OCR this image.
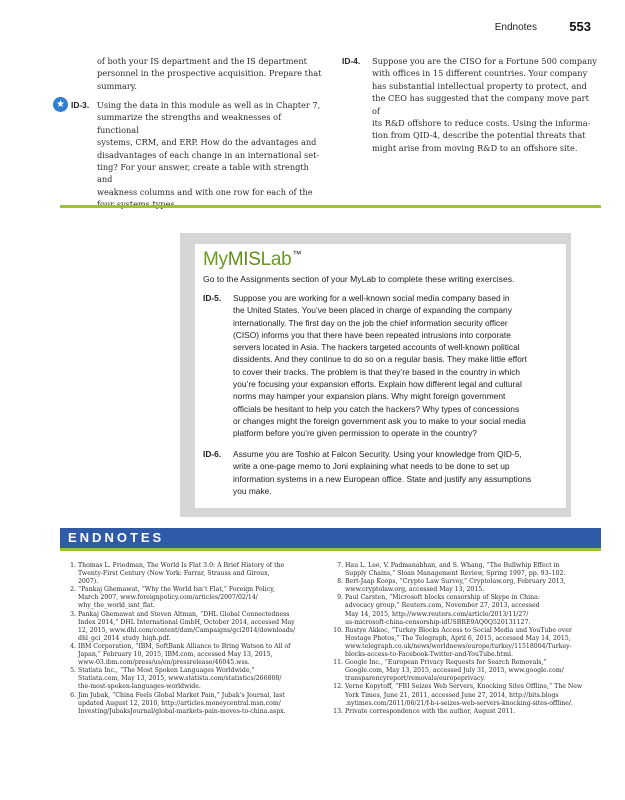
Endnotes 553
of both your IS department and the IS department
personnel in the prospective acquisition. Prepare that
summary.
★ ID-3. Using the data in this module as well as in Chapter 7,
summarize the strengths and weaknesses of functional
systems, CRM, and ERP. How do the advantages and
disadvantages of each change in an international set-
ting? For your answer, create a table with strength and
weakness columns and with one row for each of the
ID-4. Suppose you are the CISO for a Fortune 500 company
with offices in 15 different countries. Your company
has substantial intellectual property to protect, and
the CEO has suggested that the company move part of
its R&D offshore to reduce costs. Using the informa-
tion from QID-4, describe the potential threats that
might arise from moving R&D to an offshore site.
MyMISLab™
Go to the Assignments section of your MyLab to complete these writing exercises.
ID-5. Suppose you are working for a well-known social media company based in
the United States. You’ve been placed in charge of expanding the company
internationally. The first day on the job the chief information security officer
(CISO) informs you that there have been repeated intrusions into corporate
servers located in Asia. The hackers targeted accounts of well-known political
dissidents. And they continue to do so on a regular basis. They make little effort
to cover their tracks. The problem is that they’re based in the country in which
you’re focusing your expansion efforts. Explain how different legal and cultural
norms may hamper your expansion plans. Why might foreign government
officials be hesitant to help you catch the hackers? Why types of concessions
or changes might the foreign government ask you to make to your social media
platform before you’re given permission to operate in the country?
ID-6. Assume you are Toshio at Falcon Security. Using your knowledge from QID-5,
write a one-page memo to Joni explaining what needs to be done to set up
information systems in a new European office. State and justify any assumptions
you make.
ENDNOTES
1. Thomas L. Friedman, The World Is Flat 3.0: A Brief History of the
Twenty-First Century (New York: Farrar, Strauss and Giroux,
2007).
2. “Pankaj Ghemawat, “Why the World Isn’t Flat,” Foreign Policy,
March 2007, www.foreignpolicy.com/articles/2007/02/14/
why_the_world_isnt_flat.
3. Pankaj Ghemawat and Steven Altman, “DHL Global Connectedness
Index 2014,” DHL International GmbH, October 2014, accessed May
12, 2015, www.dhl.com/content/dam/Campaigns/gci2014/downloads/
dhl_gci_2014_study_high.pdf.
4. IBM Corporation, “IBM, SoftBank Alliance to Bring Watson to All of
Japan,” February 10, 2015, IBM.com, accessed May 13, 2015,
www-03.ibm.com/press/us/en/pressrelease/46045.wss.
5. Statista Inc., “The Most Spoken Languages Worldwide,”
Statista.com, May 13, 2015, www.statista.com/statistics/266808/
the-most-spoken-languages-worldwide.
6. Jim Jubak, “China Feels Global Market Pain,” Jubak’s Journal, last
updated August 12, 2010, http://articles.moneycentral.msn.com/
Investing/JubaksJournal/global-markets-pain-moves-to-china.aspx.
7. Hau L. Lee, V. Padmanabhan, and S. Whang, “The Bullwhip Effect in
Supply Chains,” Sloan Management Review, Spring 1997, pp. 93–102.
8. Bert-Jaap Koops, “Crypto Law Survey,” Cryptolaw.org, February 2013,
www.cryptolaw.org, accessed May 13, 2015.
9. Paul Carsten, “Microsoft blocks censorship of Skype in China:
advocacy group,” Reuters.com, November 27, 2013, accessed
May 14, 2015, http://www.reuters.com/article/2013/11/27/
us-microsoft-china-censorship-idUSBRE9AQ0Q520131127.
10. Rustye Akkoc, “Turkey Blocks Access to Social Media and YouTube over
Hostage Photos,” The Telegraph, April 6, 2015, accessed May 14, 2015,
www.telegraph.co.uk/news/worldnews/europe/turkey/11518004/Turkey-
blocks-access-to-Facebook-Twitter-and-YouTube.html.
11. Google Inc., “European Privacy Requests for Search Removals,”
Google.com, May 13, 2015, accessed July 31, 2015, www.google.com/
transparencyreport/removals/europeprivacy.
12. Verne Kopytoff, “FBI Seizes Web Servers, Knocking Sites Offline,” The New
York Times, June 21, 2011, accessed June 27, 2014, http://bits.blogs
.nytimes.com/2011/06/21/f-b-i-seizes-web-servers-knocking-sites-offline/.
13. Private correspondence with the author, August 2011.
